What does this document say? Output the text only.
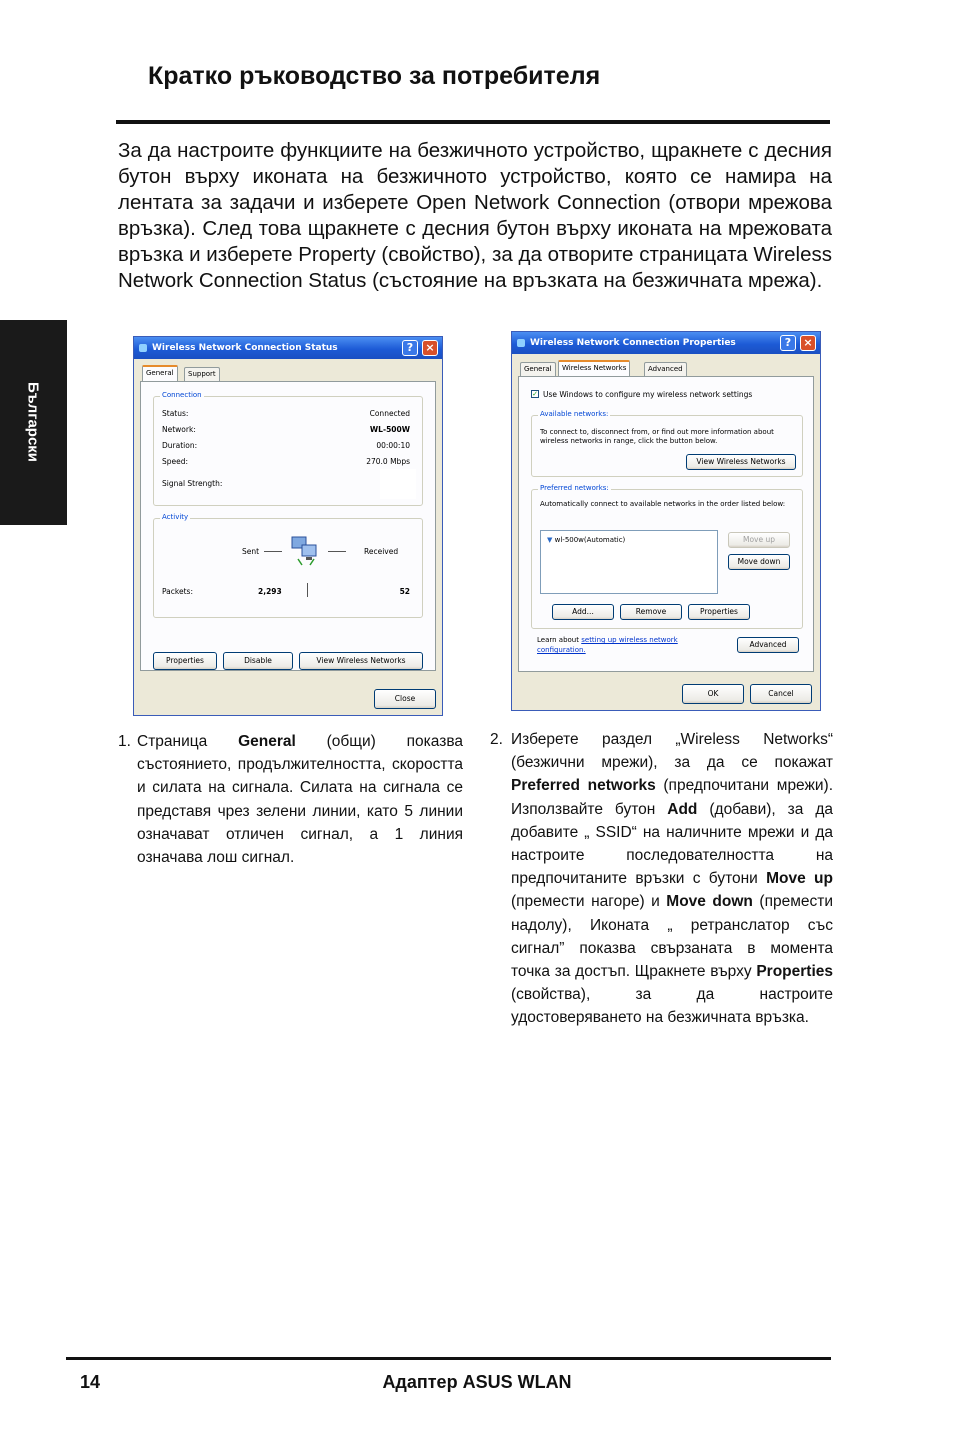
Кратко ръководство за потребителя
За да настроите функциите на безжичното устройство, щракнете с десния бутон върху иконата на безжичното устройство, която се намира на лентата за задачи и изберете Open Network Connection (отвори мрежова връзка). След това щракнете с десния бутон върху иконата на мрежовата връзка и изберете Property (свойство), за да отворите страницата Wireless Network Connection Status (състояние на връзката на безжичната мрежа).
Български
Wireless Network Connection Status	?	×
General	Support
Connection
Status:	Connected
Network:	WL-500W
Duration:	00:00:10
Speed:	270.0 Mbps
Signal Strength:
Activity
Sent	Received
Packets:	2,293	52
Properties	Disable	View Wireless Networks
Close
Wireless Network Connection Properties	?	×
General	Wireless Networks	Advanced
✓ Use Windows to configure my wireless network settings
Available networks:
To connect to, disconnect from, or find out more information about wireless networks in range, click the button below.
View Wireless Networks
Preferred networks:
Automatically connect to available networks in the order listed below:
▼ wl-500w(Automatic)	Move up
Move down
Add...	Remove	Properties
Learn about setting up wireless network configuration.
Advanced
OK	Cancel
1. Страница General (общи) показва състоянието, продължителността, скоростта и силата на сигнала. Силата на сигнала се представя чрез зелени линии, като 5 линии означават отличен сигнал, а 1 линия означава лош сигнал.
2. Изберете раздел „Wireless Networks“ (безжични мрежи), за да се покажат Preferred networks (предпочитани мрежи). Използвайте бутон Add (добави), за да добавите „ SSID“ на наличните мрежи и да настроите последователността на предпочитаните връзки с бутони Move up (премести нагоре) и Move down (премести надолу), Иконата „ ретранслатор със сигнал” показва свързаната в момента точка за достъп. Щракнете върху Properties (свойства), за да настроите удостоверяването на безжичната връзка.
14	Адаптер ASUS WLAN
